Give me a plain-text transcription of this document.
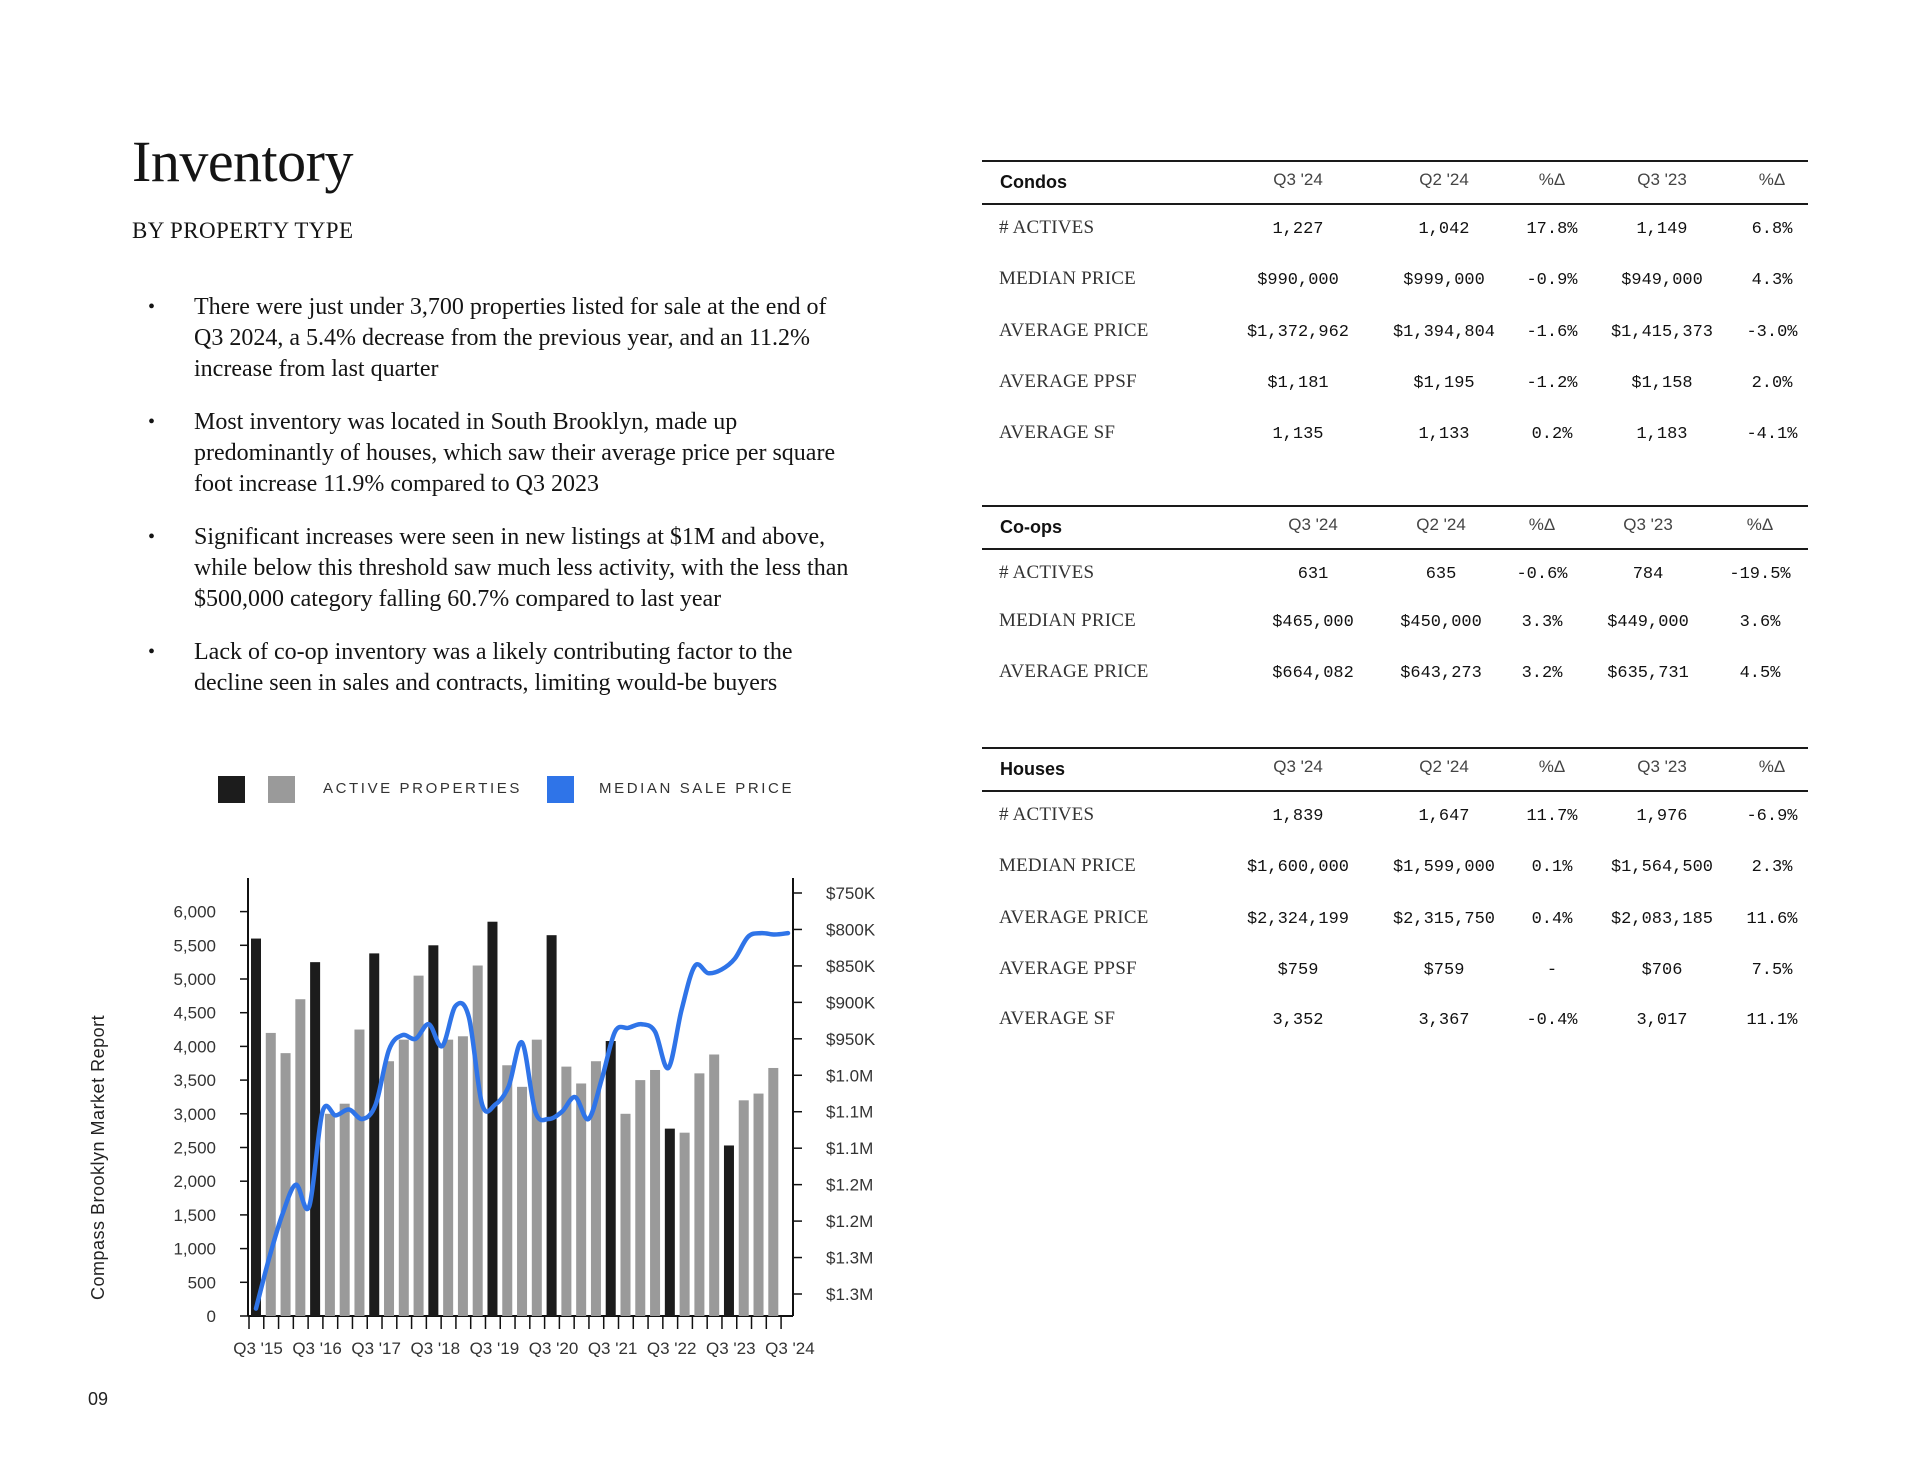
Inventory
BY PROPERTY TYPE
• There were just under 3,700 properties listed for sale at the end of Q3 2024, a 5.4% decrease from the previous year, and an 11.2% increase from last quarter
• Most inventory was located in South Brooklyn, made up predominantly of houses, which saw their average price per square foot increase 11.9% compared to Q3 2023
• Significant increases were seen in new listings at $1M and above, while below this threshold saw much less activity, with the less than $500,000 category falling 60.7% compared to last year
• Lack of co-op inventory was a likely contributing factor to the decline seen in sales and contracts, limiting would-be buyers
ACTIVE PROPERTIES	MEDIAN SALE PRICE
0
500
1,000
1,500
2,000
2,500
3,000
3,500
4,000
4,500
5,000
5,500
6,000
$1.3M
$1.3M
$1.2M
$1.2M
$1.1M
$1.1M
$1.0M
$950K
$900K
$850K
$800K
$750K
Q3 '15 Q3 '16 Q3 '17 Q3 '18 Q3 '19 Q3 '20 Q3 '21 Q3 '22 Q3 '23 Q3 '24
Compass Brooklyn Market Report
09
Condos	Q3 '24	Q2 '24	%Δ	Q3 '23	%Δ
# ACTIVES	1,227	1,042	17.8%	1,149	6.8%
MEDIAN PRICE	$990,000	$999,000	-0.9%	$949,000	4.3%
AVERAGE PRICE	$1,372,962	$1,394,804	-1.6%	$1,415,373	-3.0%
AVERAGE PPSF	$1,181	$1,195	-1.2%	$1,158	2.0%
AVERAGE SF	1,135	1,133	0.2%	1,183	-4.1%
Co-ops	Q3 '24	Q2 '24	%Δ	Q3 '23	%Δ
# ACTIVES	631	635	-0.6%	784	-19.5%
MEDIAN PRICE	$465,000	$450,000	3.3%	$449,000	3.6%
AVERAGE PRICE	$664,082	$643,273	3.2%	$635,731	4.5%
Houses	Q3 '24	Q2 '24	%Δ	Q3 '23	%Δ
# ACTIVES	1,839	1,647	11.7%	1,976	-6.9%
MEDIAN PRICE	$1,600,000	$1,599,000	0.1%	$1,564,500	2.3%
AVERAGE PRICE	$2,324,199	$2,315,750	0.4%	$2,083,185	11.6%
AVERAGE PPSF	$759	$759	-	$706	7.5%
AVERAGE SF	3,352	3,367	-0.4%	3,017	11.1%
